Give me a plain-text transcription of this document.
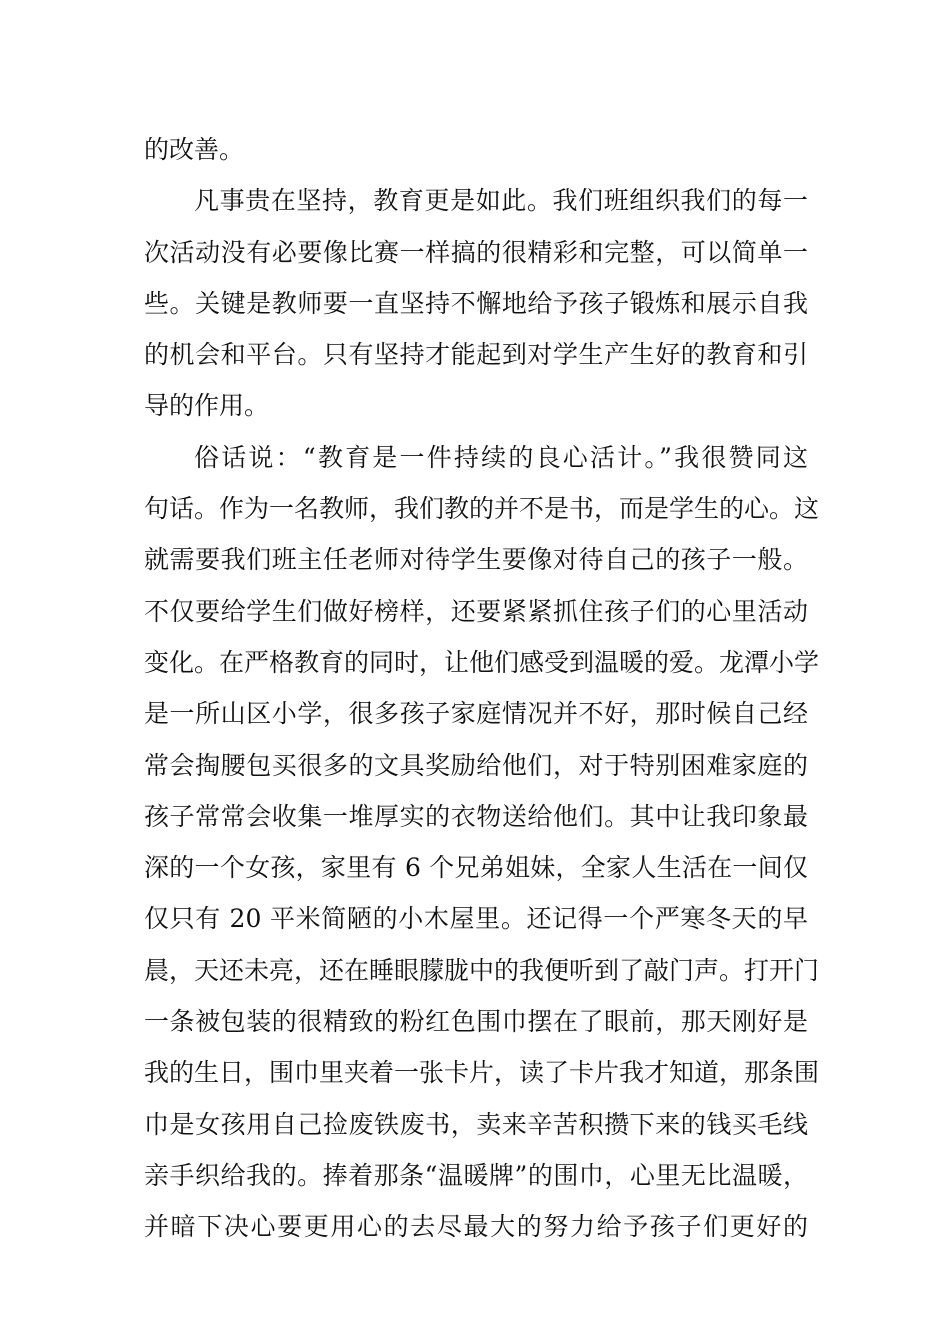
的改善。
凡事贵在坚持，教育更是如此。我们班组织我们的每一
次活动没有必要像比赛一样搞的很精彩和完整，可以简单一
些。关键是教师要一直坚持不懈地给予孩子锻炼和展示自我
的机会和平台。只有坚持才能起到对学生产生好的教育和引
导的作用。
俗话说：“教育是一件持续的良心活计。”我很赞同这
句话。作为一名教师，我们教的并不是书，而是学生的心。这
就需要我们班主任老师对待学生要像对待自己的孩子一般。
不仅要给学生们做好榜样，还要紧紧抓住孩子们的心里活动
变化。在严格教育的同时，让他们感受到温暖的爱。龙潭小学
是一所山区小学，很多孩子家庭情况并不好，那时候自己经
常会掏腰包买很多的文具奖励给他们，对于特别困难家庭的
孩子常常会收集一堆厚实的衣物送给他们。其中让我印象最
深的一个女孩，家里有 6 个兄弟姐妹，全家人生活在一间仅
仅只有 20 平米简陋的小木屋里。还记得一个严寒冬天的早
晨，天还未亮，还在睡眼朦胧中的我便听到了敲门声。打开门
一条被包装的很精致的粉红色围巾摆在了眼前，那天刚好是
我的生日，围巾里夹着一张卡片，读了卡片我才知道，那条围
巾是女孩用自己捡废铁废书，卖来辛苦积攒下来的钱买毛线
亲手织给我的。捧着那条“温暖牌”的围巾，心里无比温暖，
并暗下决心要更用心的去尽最大的努力给予孩子们更好的
